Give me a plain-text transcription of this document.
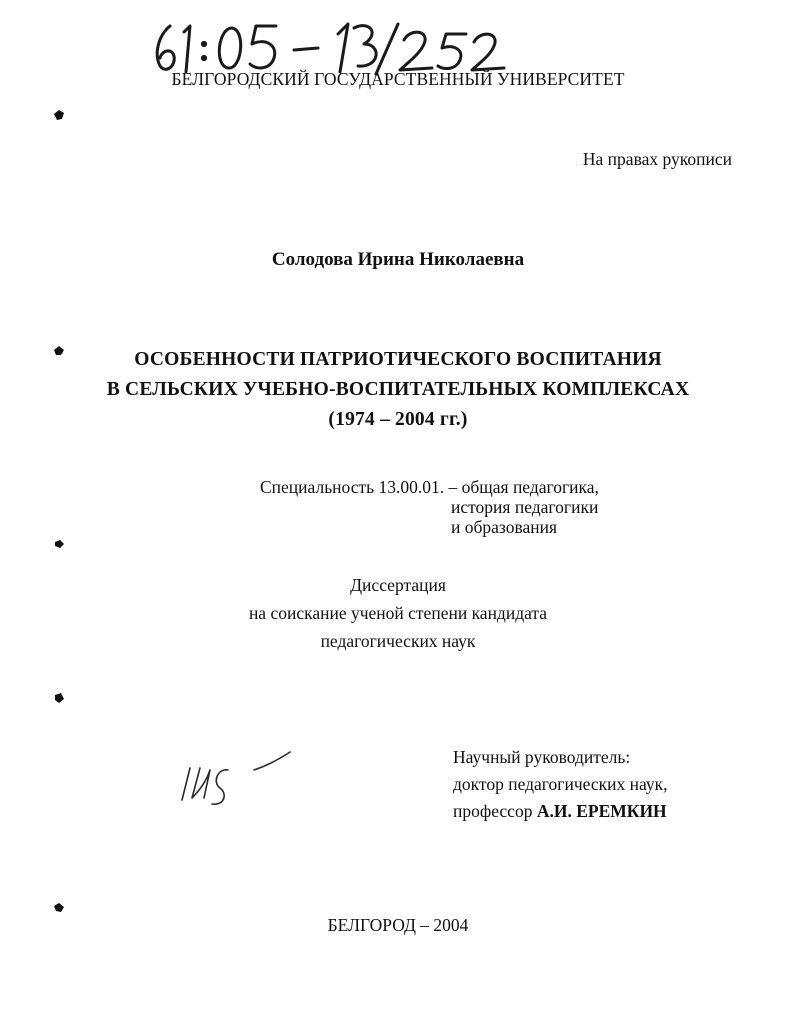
БЕЛГОРОДСКИЙ ГОСУДАРСТВЕННЫЙ УНИВЕРСИТЕТ
На правах рукописи
Солодова Ирина Николаевна
ОСОБЕННОСТИ ПАТРИОТИЧЕСКОГО ВОСПИТАНИЯ
В СЕЛЬСКИХ УЧЕБНО-ВОСПИТАТЕЛЬНЫХ КОМПЛЕКСАХ
(1974 – 2004 гг.)
Специальность 13.00.01. – общая педагогика,
история педагогики
и образования
Диссертация
на соискание ученой степени кандидата
педагогических наук
Научный руководитель:
доктор педагогических наук,
профессор А.И. ЕРЕМКИН
БЕЛГОРОД – 2004
